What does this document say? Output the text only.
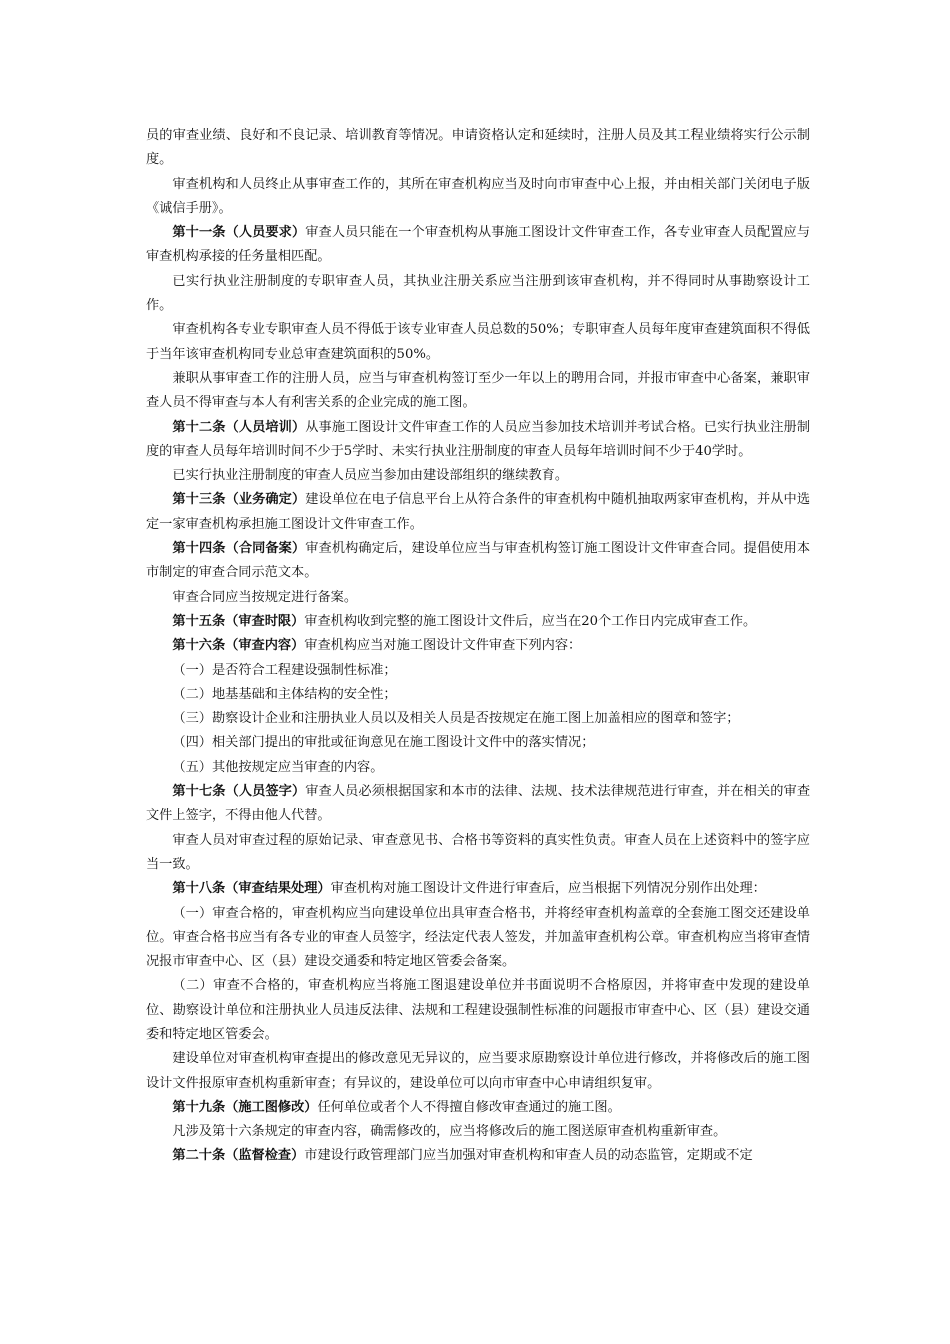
员的审查业绩、良好和不良记录、培训教育等情况。申请资格认定和延续时，注册人员及其工程业绩将实行公示制度。

审查机构和人员终止从事审查工作的，其所在审查机构应当及时向市审查中心上报，并由相关部门关闭电子版《诚信手册》。

第十一条（人员要求）审查人员只能在一个审查机构从事施工图设计文件审查工作，各专业审查人员配置应与审查机构承接的任务量相匹配。

已实行执业注册制度的专职审查人员，其执业注册关系应当注册到该审查机构，并不得同时从事勘察设计工作。

审查机构各专业专职审查人员不得低于该专业审查人员总数的50%；专职审查人员每年度审查建筑面积不得低于当年该审查机构同专业总审查建筑面积的50%。

兼职从事审查工作的注册人员，应当与审查机构签订至少一年以上的聘用合同，并报市审查中心备案，兼职审查人员不得审查与本人有利害关系的企业完成的施工图。

第十二条（人员培训）从事施工图设计文件审查工作的人员应当参加技术培训并考试合格。已实行执业注册制度的审查人员每年培训时间不少于5学时、未实行执业注册制度的审查人员每年培训时间不少于40学时。

已实行执业注册制度的审查人员应当参加由建设部组织的继续教育。

第十三条（业务确定）建设单位在电子信息平台上从符合条件的审查机构中随机抽取两家审查机构，并从中选定一家审查机构承担施工图设计文件审查工作。

第十四条（合同备案）审查机构确定后，建设单位应当与审查机构签订施工图设计文件审查合同。提倡使用本市制定的审查合同示范文本。

审查合同应当按规定进行备案。

第十五条（审查时限）审查机构收到完整的施工图设计文件后，应当在20个工作日内完成审查工作。

第十六条（审查内容）审查机构应当对施工图设计文件审查下列内容：

（一）是否符合工程建设强制性标准；

（二）地基基础和主体结构的安全性；

（三）勘察设计企业和注册执业人员以及相关人员是否按规定在施工图上加盖相应的图章和签字；

（四）相关部门提出的审批或征询意见在施工图设计文件中的落实情况；

（五）其他按规定应当审查的内容。

第十七条（人员签字）审查人员必须根据国家和本市的法律、法规、技术法律规范进行审查，并在相关的审查文件上签字，不得由他人代替。

审查人员对审查过程的原始记录、审查意见书、合格书等资料的真实性负责。审查人员在上述资料中的签字应当一致。

第十八条（审查结果处理）审查机构对施工图设计文件进行审查后，应当根据下列情况分别作出处理：

（一）审查合格的，审查机构应当向建设单位出具审查合格书，并将经审查机构盖章的全套施工图交还建设单位。审查合格书应当有各专业的审查人员签字，经法定代表人签发，并加盖审查机构公章。审查机构应当将审查情况报市审查中心、区（县）建设交通委和特定地区管委会备案。

（二）审查不合格的，审查机构应当将施工图退建设单位并书面说明不合格原因，并将审查中发现的建设单位、勘察设计单位和注册执业人员违反法律、法规和工程建设强制性标准的问题报市审查中心、区（县）建设交通委和特定地区管委会。

建设单位对审查机构审查提出的修改意见无异议的，应当要求原勘察设计单位进行修改，并将修改后的施工图设计文件报原审查机构重新审查；有异议的，建设单位可以向市审查中心申请组织复审。

第十九条（施工图修改）任何单位或者个人不得擅自修改审查通过的施工图。

凡涉及第十六条规定的审查内容，确需修改的，应当将修改后的施工图送原审查机构重新审查。

第二十条（监督检查）市建设行政管理部门应当加强对审查机构和审查人员的动态监管，定期或不定
